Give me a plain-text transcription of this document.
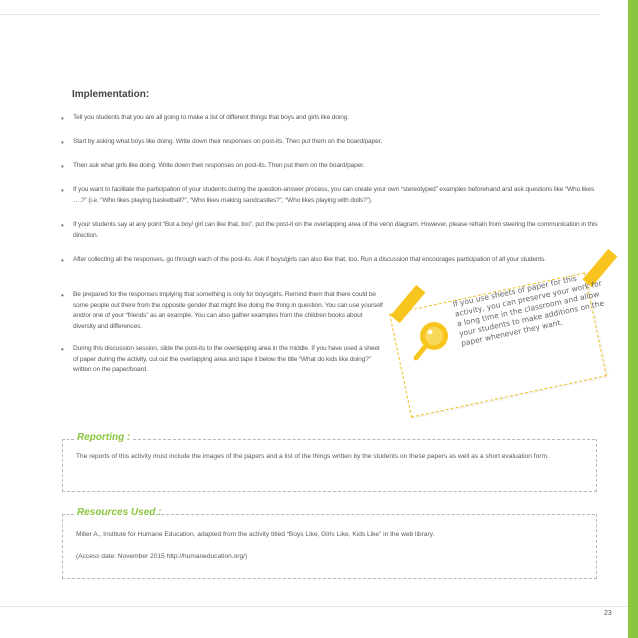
Implementation:
• Tell you students that you are all going to make a list of different things that boys and girls like doing.
• Start by asking what boys like doing. Write down their responses on post-its. Then put them on the board/paper.
• Then ask what girls like doing. Write down their responses on post-its. Then put them on the board/paper.
• If you want to facilitate the participation of your students during the question-answer process, you can create your own “stereotyped” examples beforehand and ask questions like “Who likes ….?” (i.e. “Who likes playing basketball?”, “Who likes making sandcastles?”, “Who likes playing with dolls?”).
• If your students say at any point “But a boy/ girl can like that, too”, put the post-it on the overlapping area of the venn diagram. However, please refrain from steering the communication in this direction.
• After collecting all the responses, go through each of the post-its. Ask if boys/girls can also like that, too. Run a discussion that encourages participation of all your students.
• Be prepared for the responses implying that something is only for boys/girls. Remind them that there could be some people out there from the opposite gender that might like doing the thing in question. You can use yourself and/or one of your “friends” as an example. You can also gather examples from the children books about diversity and differences.
• During this discussion session, slide the post-its to the overlapping area in the middle. If you have used a sheet of paper during the activity, cut out the overlapping area and tape it below the title “What do kids like doing?” written on the paper/board.
If you use sheets of paper for this activity, you can preserve your work for a long time in the classroom and allow your students to make additions on the paper whenever they want.
Reporting :
The reports of this activity must include the images of the papers and a list of the things written by the students on these papers as well as a short evaluation form.
Resources Used :
Miller A., Institute for Humane Education, adapted from the activity titled “Boys Like, Girls Like, Kids Like” in the web library.
(Access date: November 2015 http://humaneducation.org/)
23
